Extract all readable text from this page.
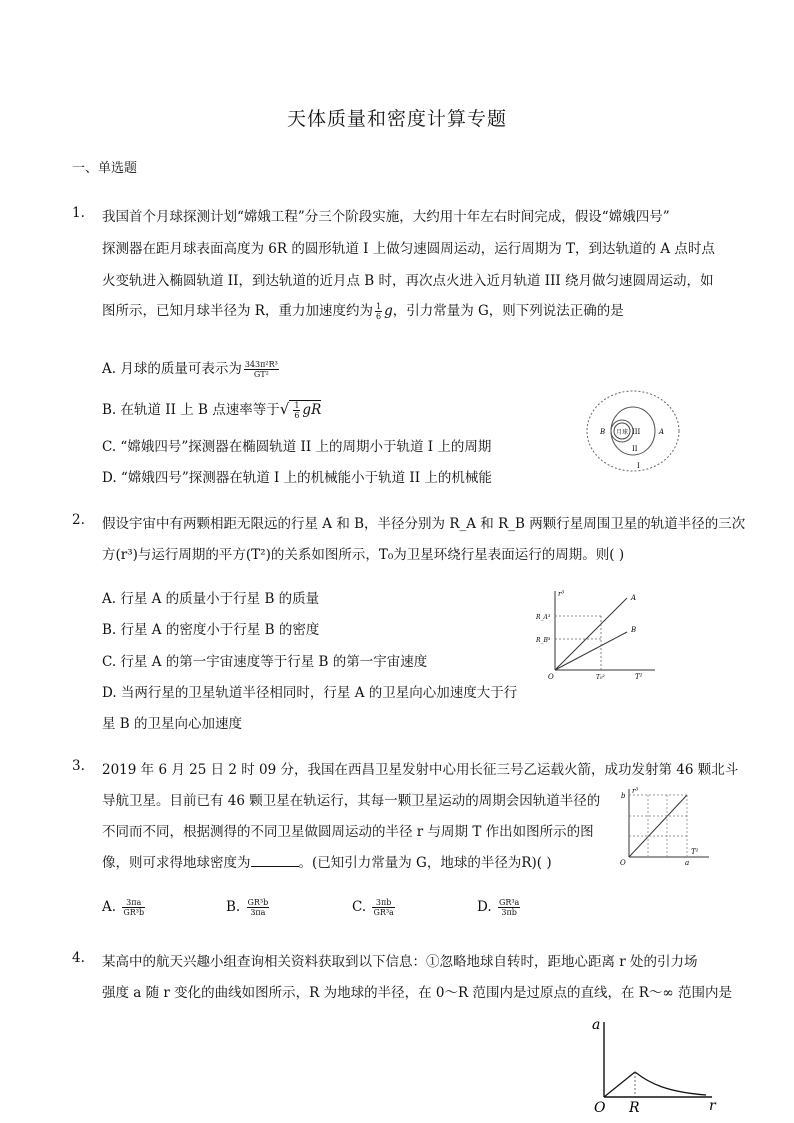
天体质量和密度计算专题
一、单选题
1. 我国首个月球探测计划“嫦娥工程”分三个阶段实施，大约用十年左右时间完成，假设“嫦娥四号”
探测器在距月球表面高度为 6R 的圆形轨道 I 上做匀速圆周运动，运行周期为 T，到达轨道的 A 点时点
火变轨进入椭圆轨道 II，到达轨道的近月点 B 时，再次点火进入近月轨道 III 绕月做匀速圆周运动，如
图所示，已知月球半径为 R，重力加速度约为 $\frac{1}{6}$ g，引力常量为 G，则下列说法正确的是
A. 月球的质量可表示为 $\frac{\text{343π²R³}}{\text{GT²}}$
B. 在轨道 II 上 B 点速率等于√ $\frac{1}{6}$ gR
C. “嫦娥四号”探测器在椭圆轨道 II 上的周期小于轨道 I 上的周期
D. “嫦娥四号”探测器在轨道 I 上的机械能小于轨道 II 上的机械能
月球
B	A
III
II
I
2. 假设宇宙中有两颗相距无限远的行星 A 和 B，半径分别为 R_A 和 R_B 两颗行星周围卫星的轨道半径的三次
方(r³)与运行周期的平方(T²)的关系如图所示，T₀为卫星环绕行星表面运行的周期。则( )
A. 行星 A 的质量小于行星 B 的质量
B. 行星 A 的密度小于行星 B 的密度
C. 行星 A 的第一宇宙速度等于行星 B 的第一宇宙速度
D. 当两行星的卫星轨道半径相同时，行星 A 的卫星向心加速度大于行
星 B 的卫星向心加速度
r³
T²
O
A
B
R_A³
R_B³
T₀²
3. 2019 年 6 月 25 日 2 时 09 分，我国在西昌卫星发射中心用长征三号乙运载火箭，成功发射第 46 颗北斗
导航卫星。目前已有 46 颗卫星在轨运行，其每一颗卫星运动的周期会因轨道半径的
不同而不同，根据测得的不同卫星做圆周运动的半径 r 与周期 T 作出如图所示的图
像，则可求得地球密度为	。(已知引力常量为 G，地球的半径为R)( )
A. $\frac{3\pi a}{\text{GR³b}}$	B. $\frac{\text{GR³b}}{3\pi a}$	C. $\frac{3\pi b}{\text{GR³a}}$	D. $\frac{\text{GR³a}}{3\pi b}$
r³
T²
O
b
a
4. 某高中的航天兴趣小组查询相关资料获取到以下信息：①忽略地球自转时，距地心距离 r 处的引力场
强度 a 随 r 变化的曲线如图所示，R 为地球的半径，在 0～R 范围内是过原点的直线，在 R～∞ 范围内是
a
r
O R
